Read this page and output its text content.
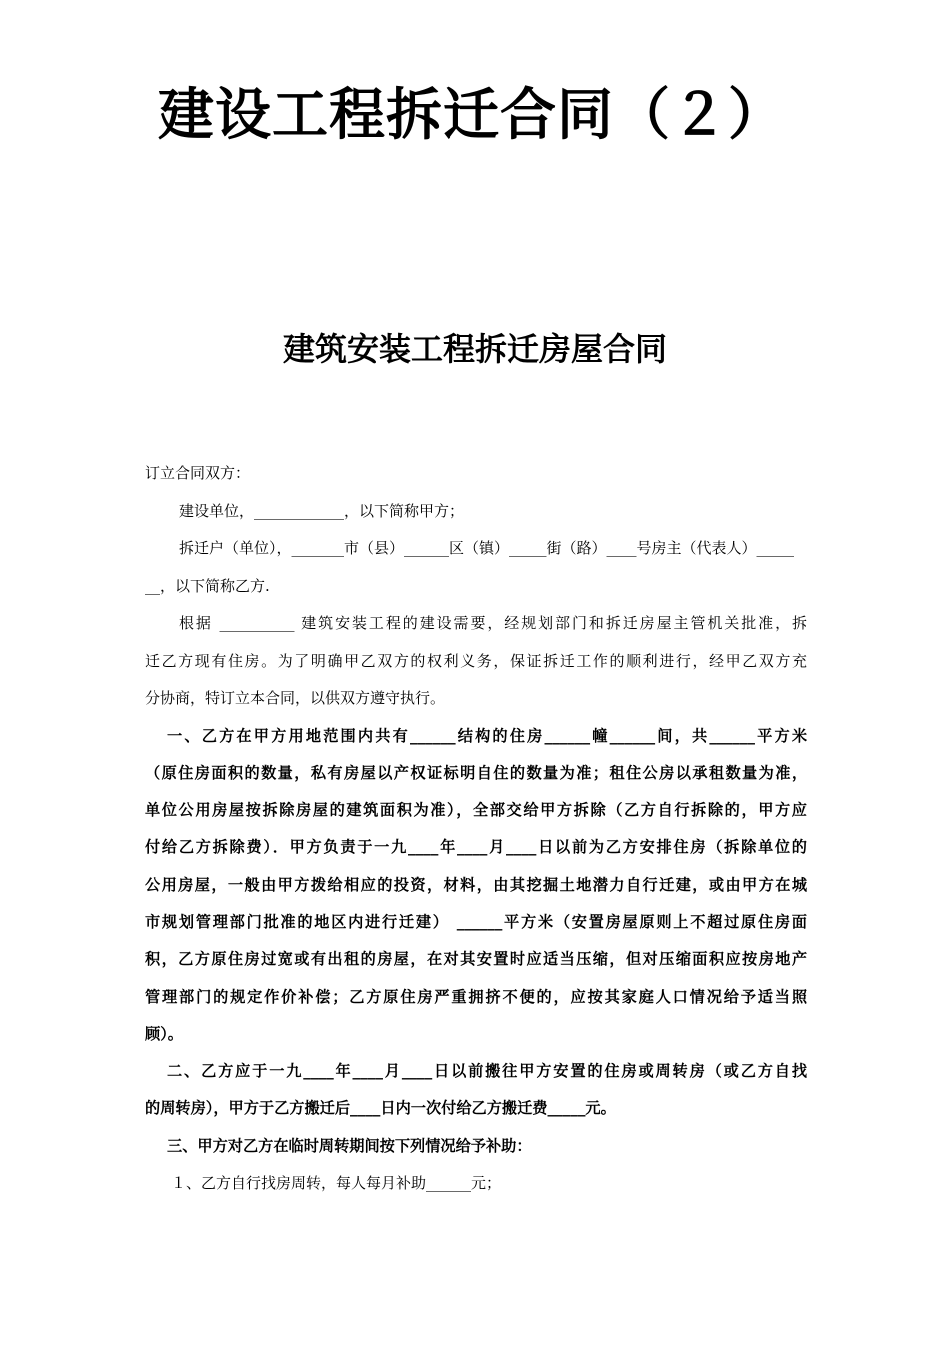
建设工程拆迁合同（２）
建筑安装工程拆迁房屋合同
订立合同双方：
建设单位，____________，以下简称甲方；
拆迁户（单位），_______市（县）______区（镇）_____街（路）____号房主（代表人）_____
__，以下简称乙方.
根据 __________ 建筑安装工程的建设需要，经规划部门和拆迁房屋主管机关批准，拆
迁乙方现有住房。为了明确甲乙双方的权利义务，保证拆迁工作的顺利进行，经甲乙双方充
分协商，特订立本合同，以供双方遵守执行。
一、乙方在甲方用地范围内共有______结构的住房______幢______间，共______平方米
（原住房面积的数量，私有房屋以产权证标明自住的数量为准；租住公房以承租数量为准，
单位公用房屋按拆除房屋的建筑面积为准），全部交给甲方拆除（乙方自行拆除的，甲方应
付给乙方拆除费）．甲方负责于一九____年____月____日以前为乙方安排住房（拆除单位的
公用房屋，一般由甲方拨给相应的投资，材料，由其挖掘土地潜力自行迁建，或由甲方在城
市规划管理部门批准的地区内进行迁建） ______平方米（安置房屋原则上不超过原住房面
积，乙方原住房过宽或有出租的房屋，在对其安置时应适当压缩，但对压缩面积应按房地产
管理部门的规定作价补偿；乙方原住房严重拥挤不便的，应按其家庭人口情况给予适当照
顾）。
二、乙方应于一九____年____月____日以前搬往甲方安置的住房或周转房（或乙方自找
的周转房），甲方于乙方搬迁后____日内一次付给乙方搬迁费_____元。
三、甲方对乙方在临时周转期间按下列情况给予补助：
１、乙方自行找房周转，每人每月补助______元；
